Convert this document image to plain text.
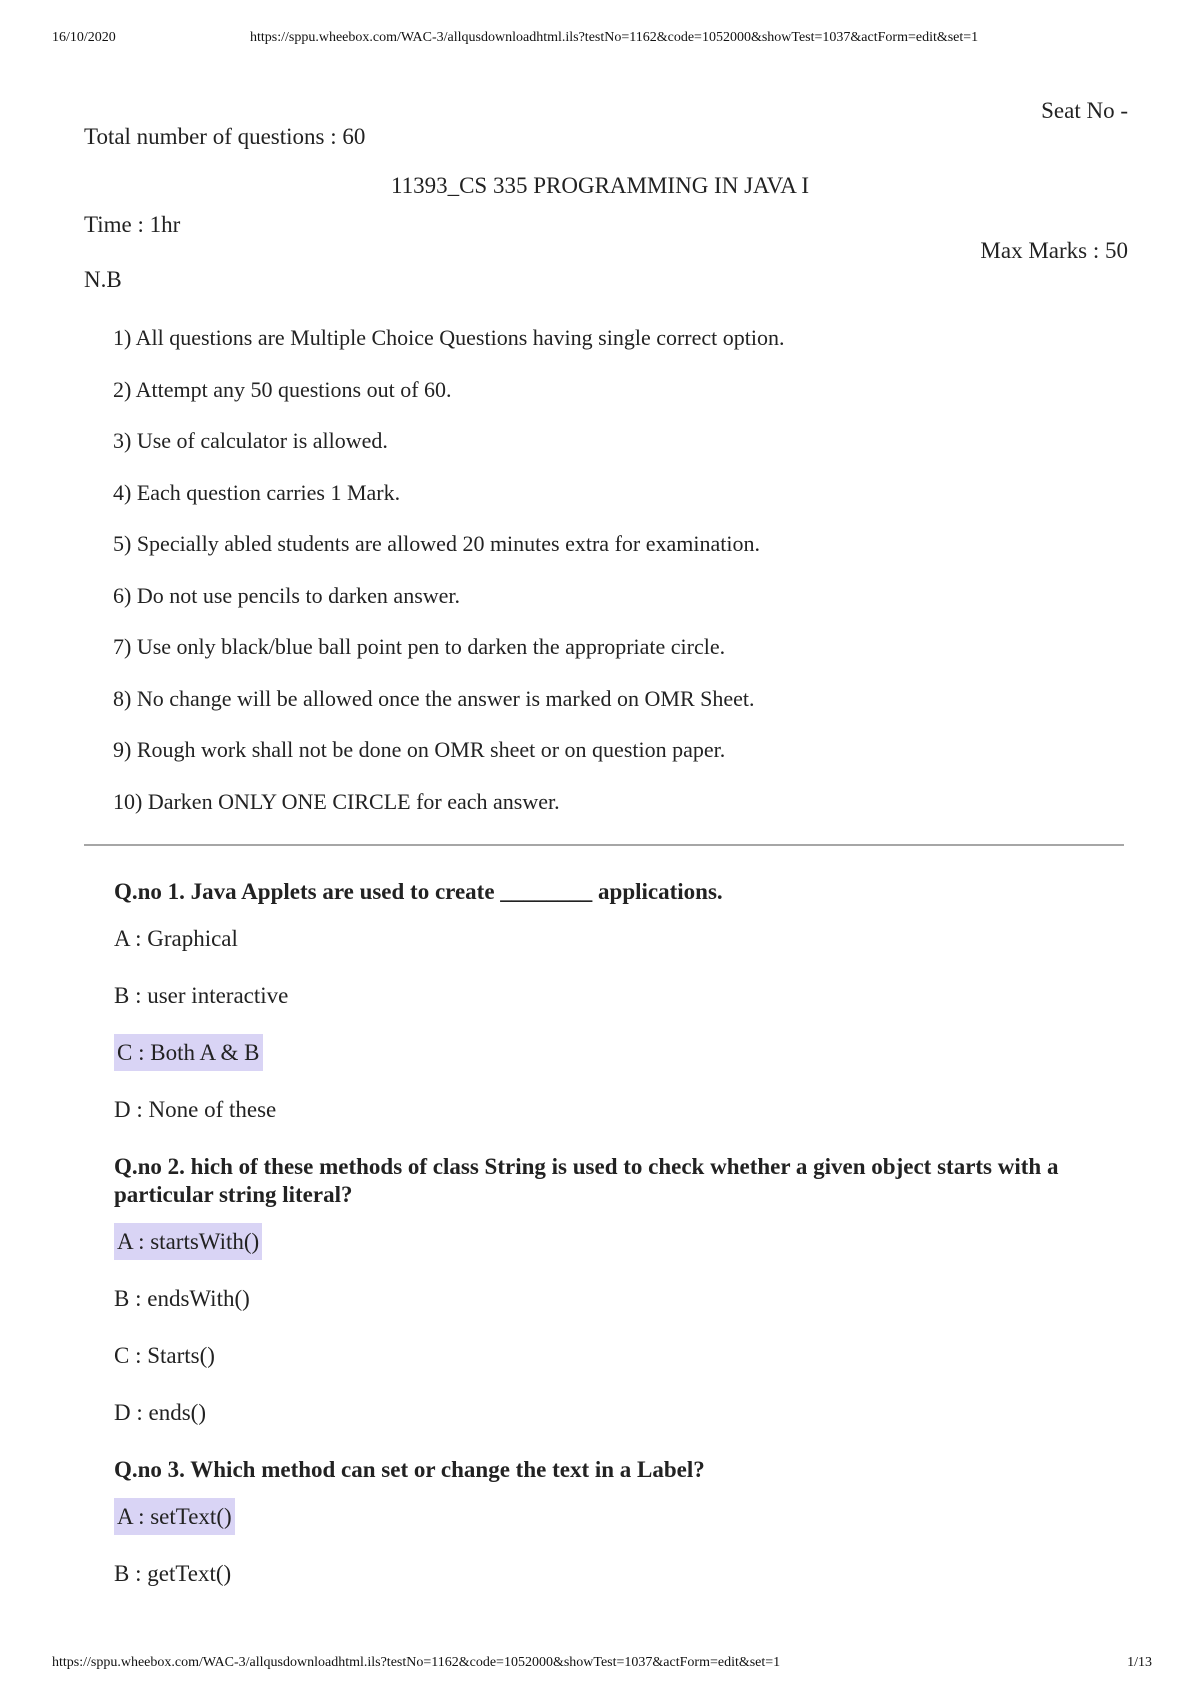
16/10/2020	https://sppu.wheebox.com/WAC-3/allqusdownloadhtml.ils?testNo=1162&code=1052000&showTest=1037&actForm=edit&set=1
Seat No -
Total number of questions : 60
11393_CS 335 PROGRAMMING IN JAVA I
Time : 1hr
Max Marks : 50
N.B
1) All questions are Multiple Choice Questions having single correct option.
2) Attempt any 50 questions out of 60.
3) Use of calculator is allowed.
4) Each question carries 1 Mark.
5) Specially abled students are allowed 20 minutes extra for examination.
6) Do not use pencils to darken answer.
7) Use only black/blue ball point pen to darken the appropriate circle.
8) No change will be allowed once the answer is marked on OMR Sheet.
9) Rough work shall not be done on OMR sheet or on question paper.
10) Darken ONLY ONE CIRCLE for each answer.
Q.no 1. Java Applets are used to create ________ applications.
A : Graphical
B : user interactive
C : Both A & B
D : None of these
Q.no 2. hich of these methods of class String is used to check whether a given object starts with a particular string literal?
A : startsWith()
B : endsWith()
C : Starts()
D : ends()
Q.no 3. Which method can set or change the text in a Label?
A : setText()
B : getText()
https://sppu.wheebox.com/WAC-3/allqusdownloadhtml.ils?testNo=1162&code=1052000&showTest=1037&actForm=edit&set=1	1/13
